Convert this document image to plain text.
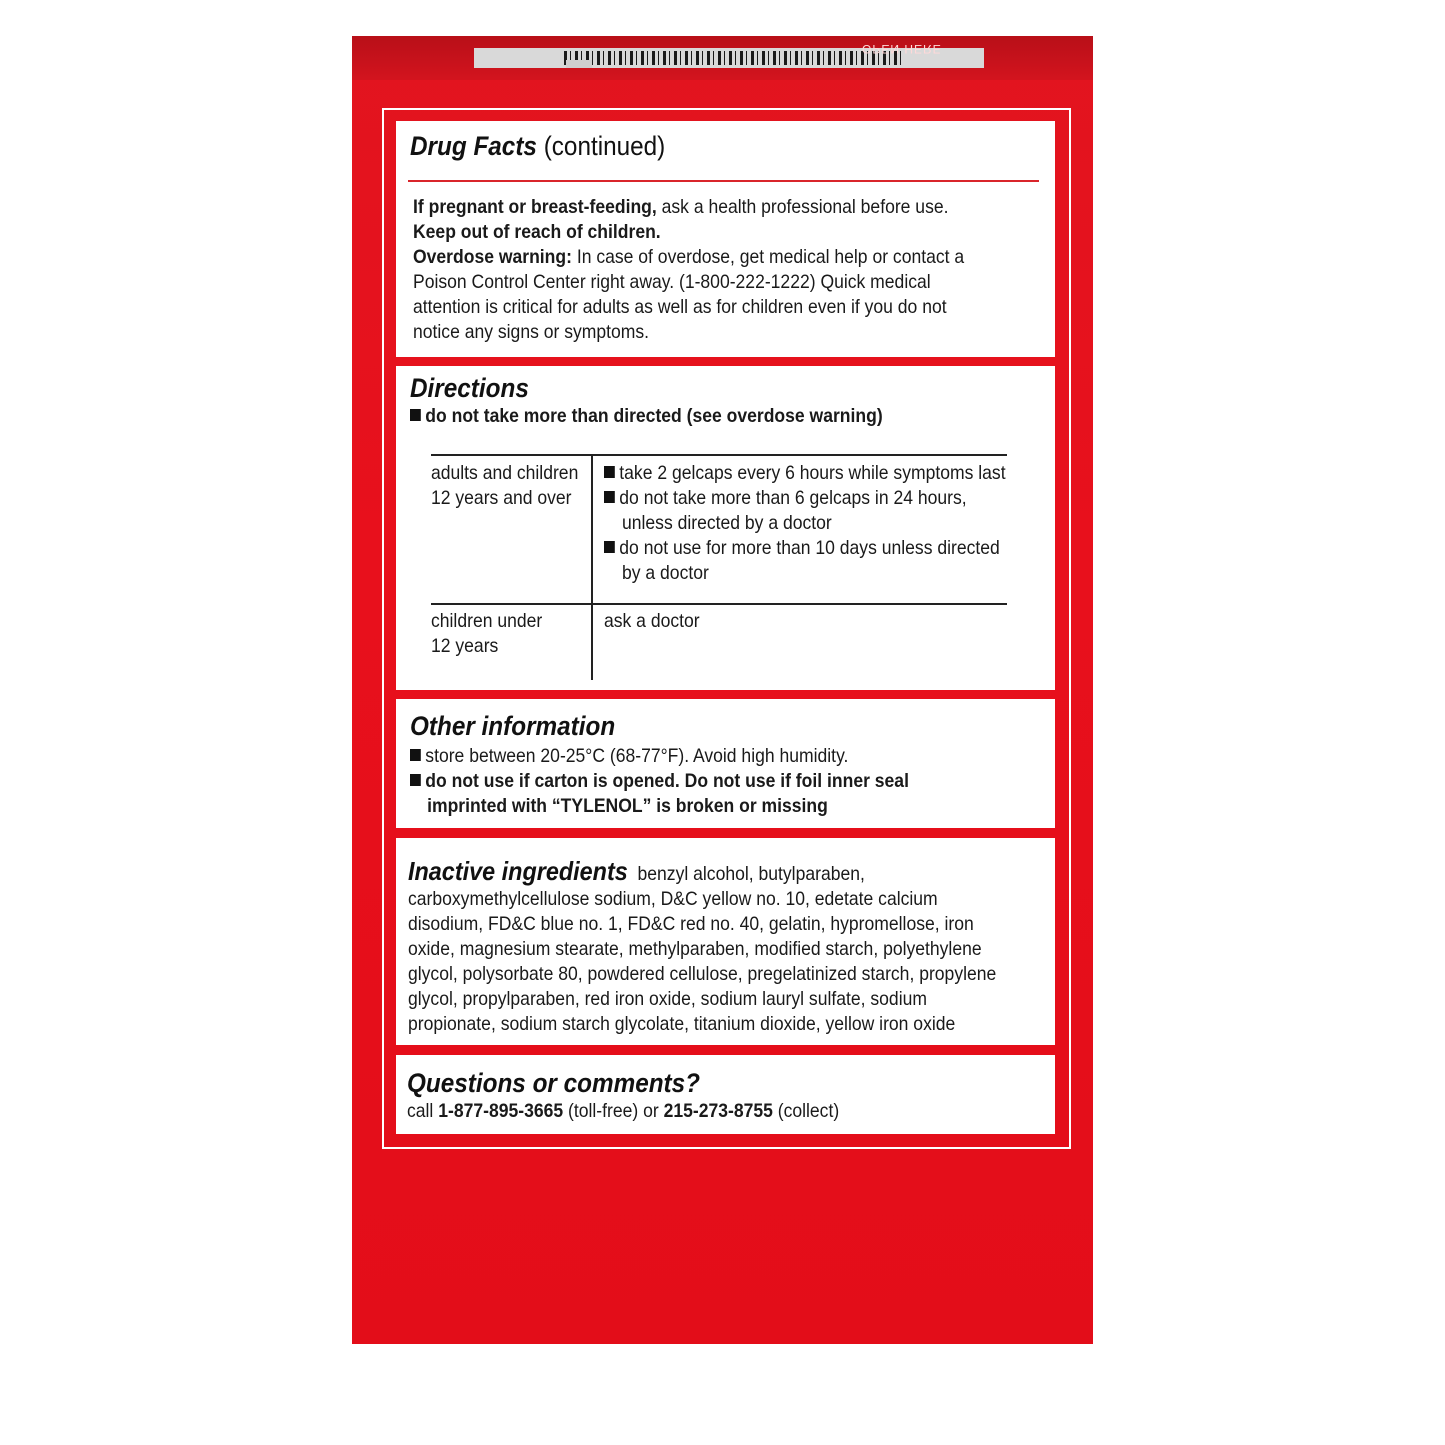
OPEN HERE
Drug Facts (continued)
If pregnant or breast-feeding, ask a health professional before use.
Keep out of reach of children.
Overdose warning: In case of overdose, get medical help or contact a
Poison Control Center right away. (1-800-222-1222) Quick medical
attention is critical for adults as well as for children even if you do not
notice any signs or symptoms.
Directions
do not take more than directed (see overdose warning)
adults and children
12 years and over
take 2 gelcaps every 6 hours while symptoms last
do not take more than 6 gelcaps in 24 hours,
unless directed by a doctor
do not use for more than 10 days unless directed
by a doctor
children under
12 years
ask a doctor
Other information
store between 20-25°C (68-77°F). Avoid high humidity.
do not use if carton is opened. Do not use if foil inner seal
imprinted with “TYLENOL” is broken or missing
Inactive ingredients benzyl alcohol, butylparaben,
carboxymethylcellulose sodium, D&C yellow no. 10, edetate calcium
disodium, FD&C blue no. 1, FD&C red no. 40, gelatin, hypromellose, iron
oxide, magnesium stearate, methylparaben, modified starch, polyethylene
glycol, polysorbate 80, powdered cellulose, pregelatinized starch, propylene
glycol, propylparaben, red iron oxide, sodium lauryl sulfate, sodium
propionate, sodium starch glycolate, titanium dioxide, yellow iron oxide
Questions or comments?
call 1-877-895-3665 (toll-free) or 215-273-8755 (collect)
